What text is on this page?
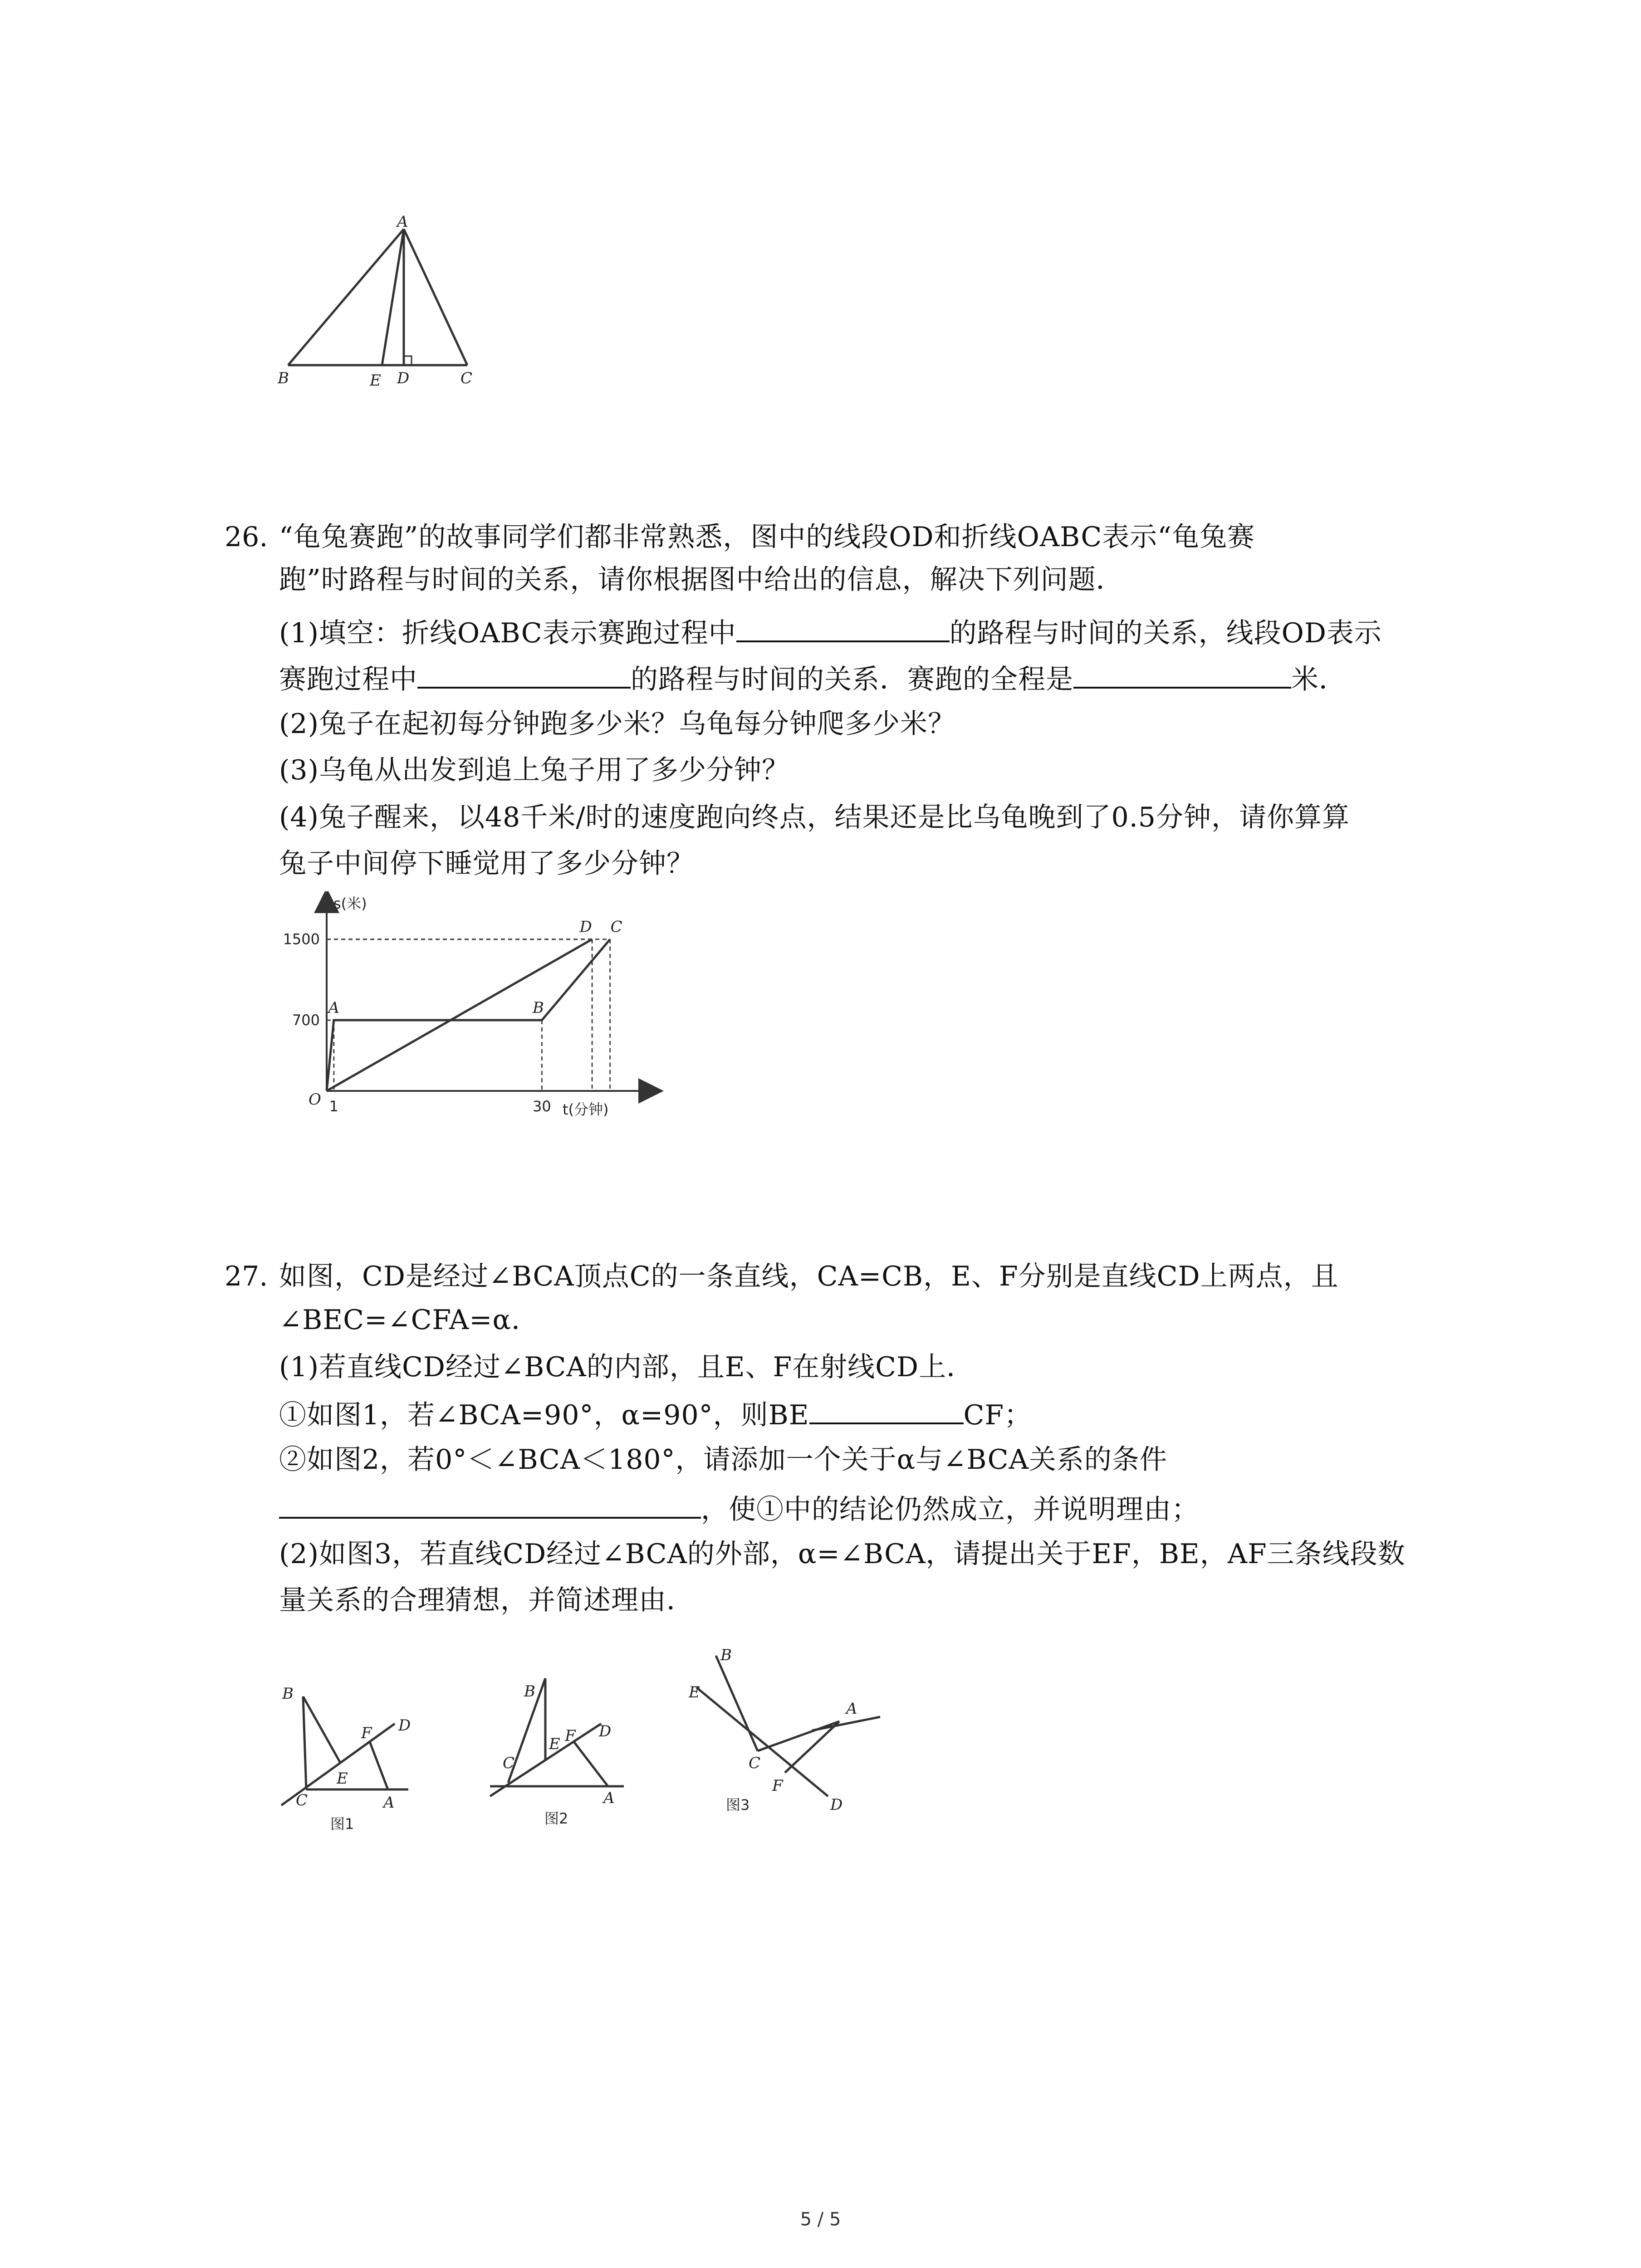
A
B	E D	C
26. “龟兔赛跑”的故事同学们都非常熟悉，图中的线段OD和折线OABC表示“龟兔赛
跑”时路程与时间的关系，请你根据图中给出的信息，解决下列问题．
(1)填空：折线OABC表示赛跑过程中	的路程与时间的关系，线段OD表示
赛跑过程中	的路程与时间的关系．赛跑的全程是	米．
(2)兔子在起初每分钟跑多少米？乌龟每分钟爬多少米？
(3)乌龟从出发到追上兔子用了多少分钟？
(4)兔子醒来，以48千米/时的速度跑向终点，结果还是比乌龟晚到了0.5分钟，请你算算
兔子中间停下睡觉用了多少分钟？
A	B
C
D
s(米)
t(分钟)
O
700
1500
1	30
27. 如图，CD是经过∠BCA顶点C的一条直线，CA=CB，E、F分别是直线CD上两点，且
∠BEC=∠CFA=α．
(1)若直线CD经过∠BCA的内部，且E、F在射线CD上．
①如图1，若∠BCA=90°，α=90°，则BE	CF；
②如图2，若0°＜∠BCA＜180°，请添加一个关于α与∠BCA关系的条件
，使①中的结论仍然成立，并说明理由；
(2)如图3，若直线CD经过∠BCA的外部，α=∠BCA，请提出关于EF，BE，AF三条线段数
量关系的合理猜想，并简述理由．
B
C
E
F D
A
图1
B
C
E F D
A
图2
B
E
C
F
D
A
图3
5 / 5
